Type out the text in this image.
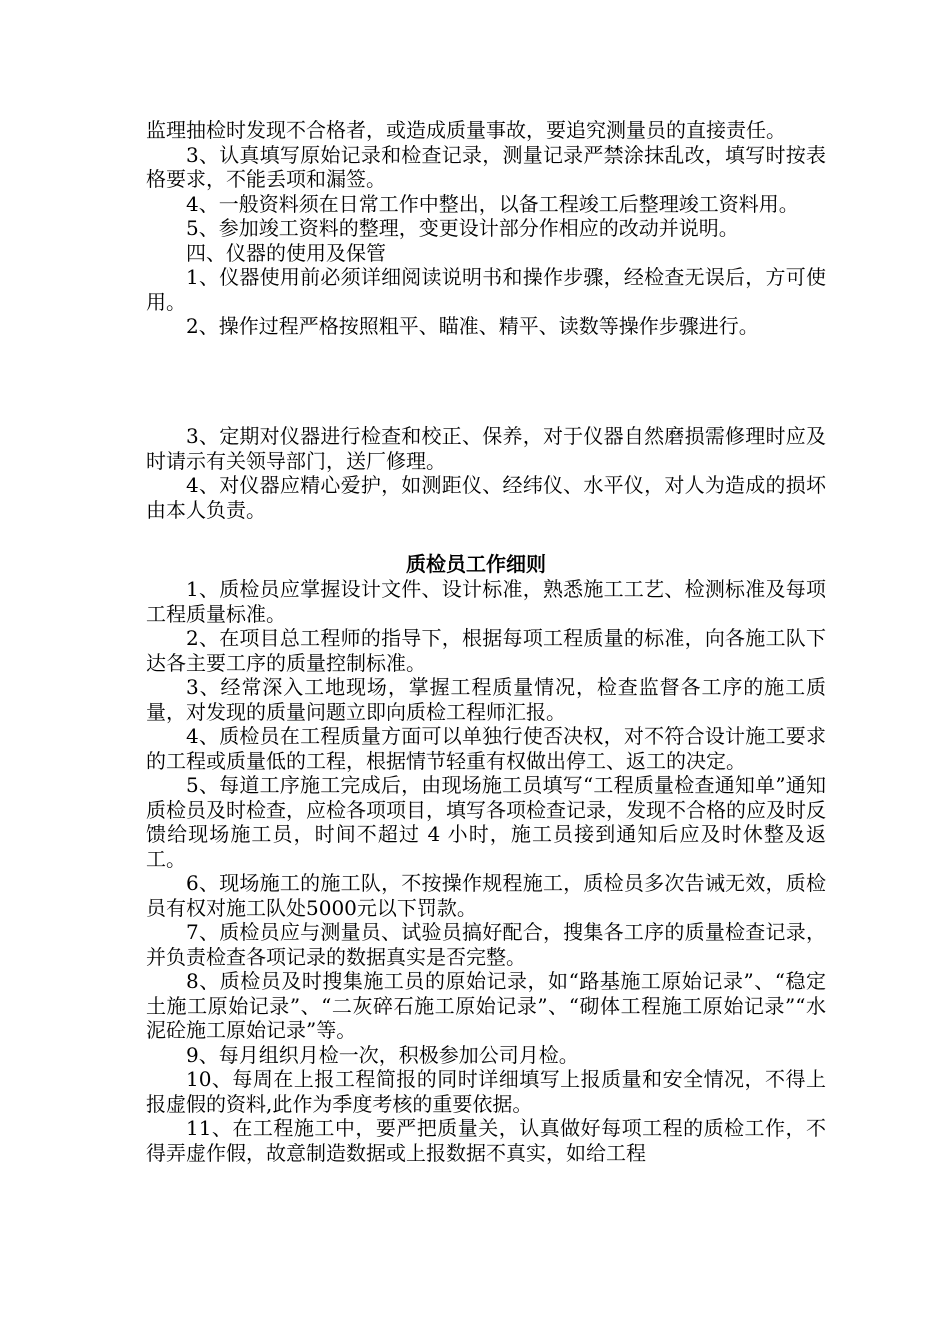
监理抽检时发现不合格者，或造成质量事故，要追究测量员的直接责任。

3、认真填写原始记录和检查记录，测量记录严禁涂抹乱改，填写时按表格要求，不能丢项和漏签。

4、一般资料须在日常工作中整出，以备工程竣工后整理竣工资料用。

5、参加竣工资料的整理，变更设计部分作相应的改动并说明。

四、仪器的使用及保管

1、仪器使用前必须详细阅读说明书和操作步骤，经检查无误后，方可使用。

2、操作过程严格按照粗平、瞄准、精平、读数等操作步骤进行。

3、定期对仪器进行检查和校正、保养，对于仪器自然磨损需修理时应及时请示有关领导部门，送厂修理。

4、对仪器应精心爱护，如测距仪、经纬仪、水平仪，对人为造成的损坏由本人负责。

质检员工作细则

1、质检员应掌握设计文件、设计标准，熟悉施工工艺、检测标准及每项工程质量标准。

2、在项目总工程师的指导下，根据每项工程质量的标准，向各施工队下达各主要工序的质量控制标准。

3、经常深入工地现场，掌握工程质量情况，检查监督各工序的施工质量，对发现的质量问题立即向质检工程师汇报。

4、质检员在工程质量方面可以单独行使否决权，对不符合设计施工要求的工程或质量低的工程，根据情节轻重有权做出停工、返工的决定。

5、每道工序施工完成后，由现场施工员填写“工程质量检查通知单”通知质检员及时检查，应检各项项目，填写各项检查记录，发现不合格的应及时反馈给现场施工员，时间不超过 4 小时，施工员接到通知后应及时休整及返工。

6、现场施工的施工队，不按操作规程施工，质检员多次告诫无效，质检员有权对施工队处5000元以下罚款。

7、质检员应与测量员、试验员搞好配合，搜集各工序的质量检查记录，并负责检查各项记录的数据真实是否完整。

8、质检员及时搜集施工员的原始记录，如“路基施工原始记录”、“稳定土施工原始记录”、“二灰碎石施工原始记录”、“砌体工程施工原始记录”“水泥砼施工原始记录”等。

9、每月组织月检一次，积极参加公司月检。

10、每周在上报工程简报的同时详细填写上报质量和安全情况，不得上报虚假的资料,此作为季度考核的重要依据。

11、在工程施工中，要严把质量关，认真做好每项工程的质检工作，不得弄虚作假，故意制造数据或上报数据不真实，如给工程
